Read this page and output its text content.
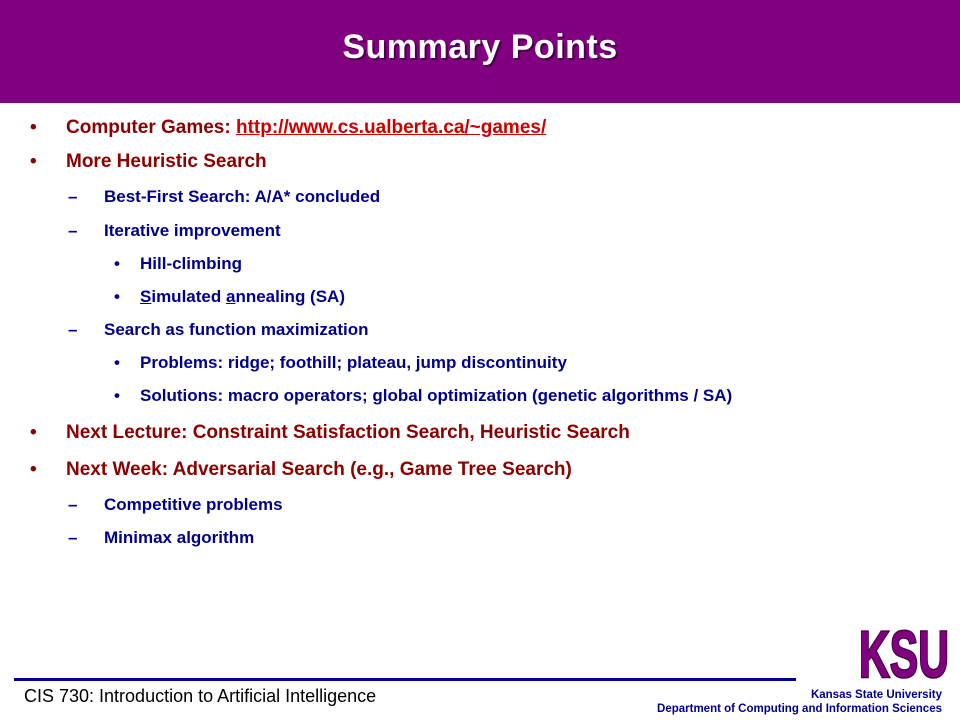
Summary Points
• Computer Games: http://www.cs.ualberta.ca/~games/
• More Heuristic Search
– Best-First Search: A/A* concluded
– Iterative improvement
• Hill-climbing
• Simulated annealing (SA)
– Search as function maximization
• Problems: ridge; foothill; plateau, jump discontinuity
• Solutions: macro operators; global optimization (genetic algorithms / SA)
• Next Lecture: Constraint Satisfaction Search, Heuristic Search
• Next Week: Adversarial Search (e.g., Game Tree Search)
– Competitive problems
– Minimax algorithm
KSU
CIS 730: Introduction to Artificial Intelligence	Kansas State University
Department of Computing and Information Sciences
